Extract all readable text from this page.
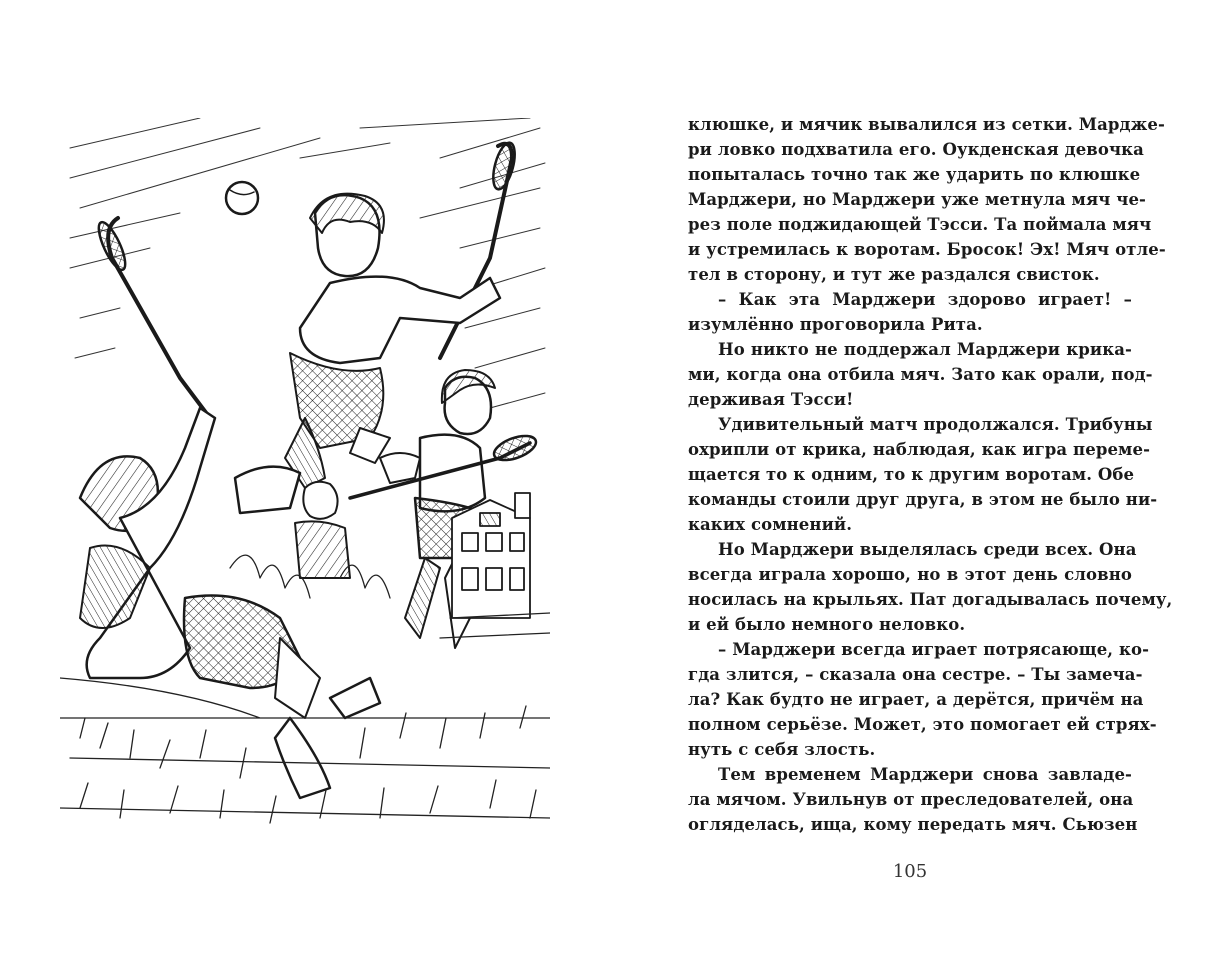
клюшке, и мячик вывалился из сетки. Мардже-
ри ловко подхватила его. Оукденская девочка
попыталась точно так же ударить по клюшке
Марджери, но Марджери уже метнула мяч че-
рез поле поджидающей Тэсси. Та поймала мяч
и устремилась к воротам. Бросок! Эх! Мяч отле-
тел в сторону, и тут же раздался свисток.
– Как эта Марджери здорово играет! –
изумлённо проговорила Рита.
Но никто не поддержал Марджери крика-
ми, когда она отбила мяч. Зато как орали, под-
держивая Тэсси!
Удивительный матч продолжался. Трибуны
охрипли от крика, наблюдая, как игра переме-
щается то к одним, то к другим воротам. Обе
команды стоили друг друга, в этом не было ни-
каких сомнений.
Но Марджери выделялась среди всех. Она
всегда играла хорошо, но в этот день словно
носилась на крыльях. Пат догадывалась почему,
и ей было немного неловко.
– Марджери всегда играет потрясающе, ко-
гда злится, – сказала она сестре. – Ты замеча-
ла? Как будто не играет, а дерётся, причём на
полном серьёзе. Может, это помогает ей стрях-
нуть с себя злость.
Тем временем Марджери снова завладе-
ла мячом. Увильнув от преследователей, она
огляделась, ища, кому передать мяч. Сьюзен
105
